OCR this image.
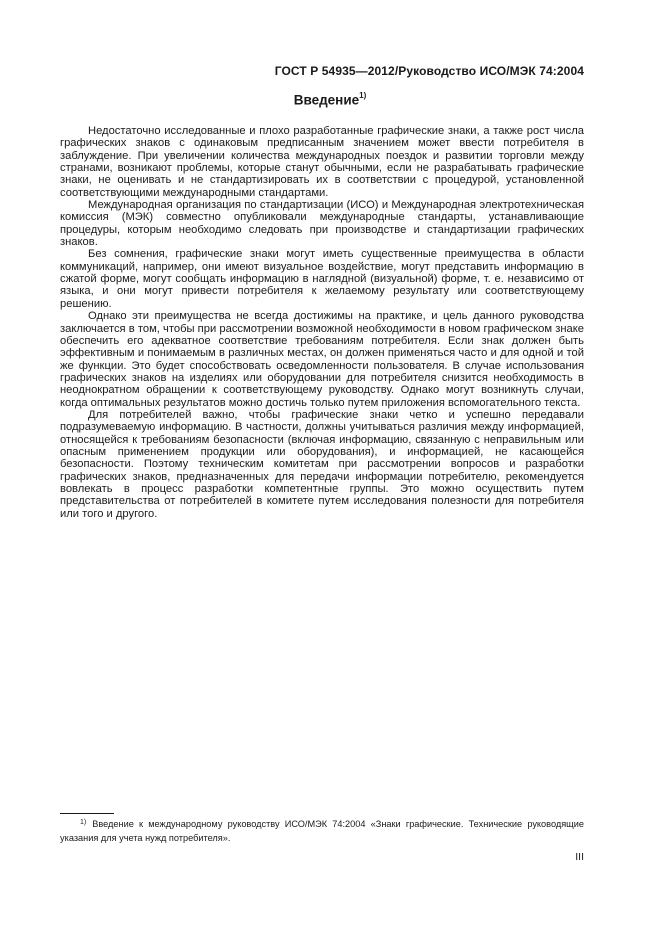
ГОСТ Р 54935—2012/Руководство ИСО/МЭК 74:2004
Введение$^{1)}$

Недостаточно исследованные и плохо разработанные графические знаки, а также рост числа графических знаков с одинаковым предписанным значением может ввести потребителя в заблуждение. При увеличении количества международных поездок и развитии торговли между странами, возникают проблемы, которые станут обычными, если не разрабатывать графические знаки, не оценивать и не стандартизировать их в соответствии с процедурой, установленной соответствующими международными стандартами.

Международная организация по стандартизации (ИСО) и Международная электротехническая комиссия (МЭК) совместно опубликовали международные стандарты, устанавливающие процедуры, которым необходимо следовать при производстве и стандартизации графических знаков.

Без сомнения, графические знаки могут иметь существенные преимущества в области коммуникаций, например, они имеют визуальное воздействие, могут представить информацию в сжатой форме, могут сообщать информацию в наглядной (визуальной) форме, т. е. независимо от языка, и они могут привести потребителя к желаемому результату или соответствующему решению.

Однако эти преимущества не всегда достижимы на практике, и цель данного руководства заключается в том, чтобы при рассмотрении возможной необходимости в новом графическом знаке обеспечить его адекватное соответствие требованиям потребителя. Если знак должен быть эффективным и понимаемым в различных местах, он должен применяться часто и для одной и той же функции. Это будет способствовать осведомленности пользователя. В случае использования графических знаков на изделиях или оборудовании для потребителя снизится необходимость в неоднократном обращении к соответствующему руководству. Однако могут возникнуть случаи, когда оптимальных результатов можно достичь только путем приложения вспомогательного текста.

Для потребителей важно, чтобы графические знаки четко и успешно передавали подразумеваемую информацию. В частности, должны учитываться различия между информацией, относящейся к требованиям безопасности (включая информацию, связанную с неправильным или опасным применением продукции или оборудования), и информацией, не касающейся безопасности. Поэтому техническим комитетам при рассмотрении вопросов и разработки графических знаков, предназначенных для передачи информации потребителю, рекомендуется вовлекать в процесс разработки компетентные группы. Это можно осуществить путем представительства от потребителей в комитете путем исследования полезности для потребителя или того и другого.

$^{1)}$ Введение к международному руководству ИСО/МЭК 74:2004 «Знаки графические. Технические руководящие указания для учета нужд потребителя».
III
